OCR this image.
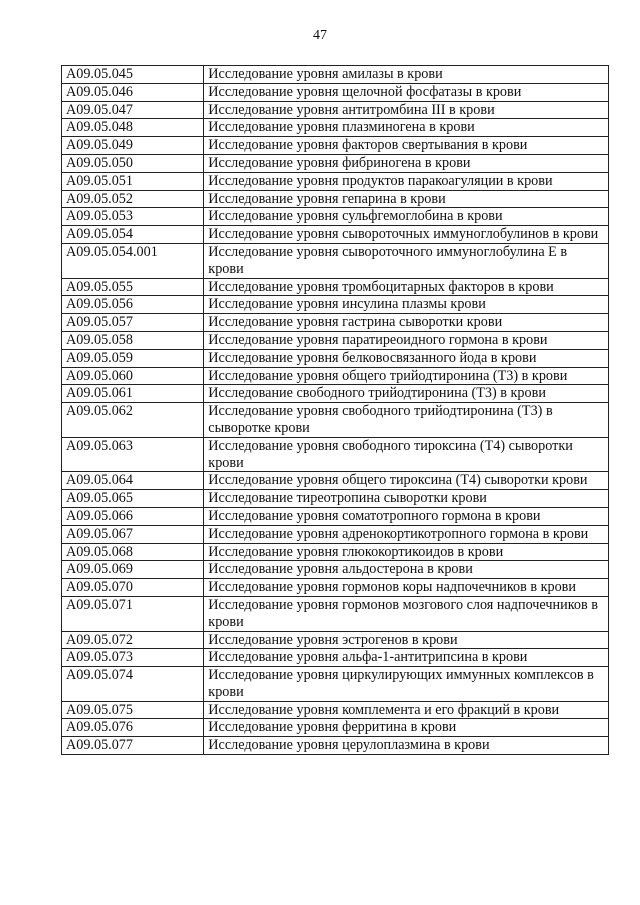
47
A09.05.045	Исследование уровня амилазы в крови
A09.05.046	Исследование уровня щелочной фосфатазы в крови
A09.05.047	Исследование уровня антитромбина III в крови
A09.05.048	Исследование уровня плазминогена в крови
A09.05.049	Исследование уровня факторов свертывания в крови
A09.05.050	Исследование уровня фибриногена в крови
A09.05.051	Исследование уровня продуктов паракоагуляции в крови
A09.05.052	Исследование уровня гепарина в крови
A09.05.053	Исследование уровня сульфгемоглобина в крови
A09.05.054	Исследование уровня сывороточных иммуноглобулинов в крови
A09.05.054.001	Исследование уровня сывороточного иммуноглобулина E в крови
A09.05.055	Исследование уровня тромбоцитарных факторов в крови
A09.05.056	Исследование уровня инсулина плазмы крови
A09.05.057	Исследование уровня гастрина сыворотки крови
A09.05.058	Исследование уровня паратиреоидного гормона в крови
A09.05.059	Исследование уровня белковосвязанного йода в крови
A09.05.060	Исследование уровня общего трийодтиронина (T3) в крови
A09.05.061	Исследование свободного трийодтиронина (T3) в крови
A09.05.062	Исследование уровня свободного трийодтиронина (T3) в сыворотке крови
A09.05.063	Исследование уровня свободного тироксина (T4) сыворотки крови
A09.05.064	Исследование уровня общего тироксина (T4) сыворотки крови
A09.05.065	Исследование тиреотропина сыворотки крови
A09.05.066	Исследование уровня соматотропного гормона в крови
A09.05.067	Исследование уровня адренокортикотропного гормона в крови
A09.05.068	Исследование уровня глюкокортикоидов в крови
A09.05.069	Исследование уровня альдостерона в крови
A09.05.070	Исследование уровня гормонов коры надпочечников в крови
A09.05.071	Исследование уровня гормонов мозгового слоя надпочечников в крови
A09.05.072	Исследование уровня эстрогенов в крови
A09.05.073	Исследование уровня альфа-1-антитрипсина в крови
A09.05.074	Исследование уровня циркулирующих иммунных комплексов в крови
A09.05.075	Исследование уровня комплемента и его фракций в крови
A09.05.076	Исследование уровня ферритина в крови
A09.05.077	Исследование уровня церулоплазмина в крови
